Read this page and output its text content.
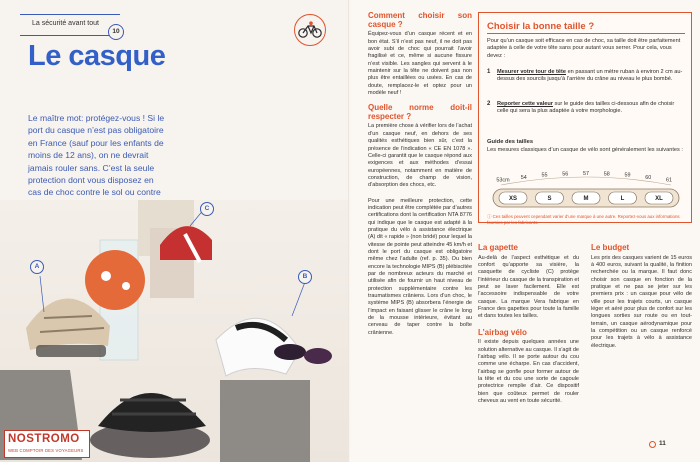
La sécurité avant tout
10
Le casque
Le maître mot: protégez-vous ! Si le port du casque n’est pas obligatoire en France (sauf pour les enfants de moins de 12 ans), on ne devrait jamais rouler sans. C’est la seule protection dont vous disposez en cas de choc contre le sol ou contre
A
B
C
NOSTROMO
WEB COMPTOIR DES VOYAGEURS
Comment choisir son casque ?
Équipez-vous d’un casque récent et en bon état. S’il n’est pas neuf, il ne doit pas avoir subi de choc qui pourrait l’avoir fragilisé et ce, même si aucune fissure n’est visible. Les sangles qui servent à le maintenir sur la tête ne doivent pas non plus être entaillées ou usées. En cas de doute, remplacez-le et optez pour un modèle neuf !
Quelle norme doit-il respecter ?
La première chose à vérifier lors de l’achat d’un casque neuf, en dehors de ses qualités esthétiques bien sûr, c’est la présence de l’indication « CE EN 1078 ». Celle-ci garantit que le casque répond aux exigences et aux méthodes d’essai européennes, notamment en matière de construction, de champ de vision, d’absorption des chocs, etc.
Pour une meilleure protection, cette indication peut être complétée par d’autres certifications dont la certification NTA 8776 qui indique que le casque est adapté à la pratique du vélo à assistance électrique (A) dit « rapide » (non bridé) pour lequel la vitesse de pointe peut atteindre 45 km/h et dont le port du casque est obligatoire même chez l’adulte (ref. p. 35). Ou bien encore la technologie MIPS (B) plébiscitée par de nombreux acteurs du marché et utilisée afin de fournir un haut niveau de protection supplémentaire contre les traumatismes crâniens. Lors d’un choc, le système MIPS (B) absorbera l’énergie de l’impact en faisant glisser le crâne le long de la mousse intérieure, évitant au cerveau de taper contre la boîte crânienne.
Choisir la bonne taille ?
Pour qu’un casque soit efficace en cas de choc, sa taille doit être parfaitement adaptée à celle de votre tête sans pour autant vous serrer. Pour cela, vous devez :
1 Mesurer votre tour de tête en passant un mètre ruban à environ 2 cm au-dessus des sourcils jusqu’à l’arrière du crâne au niveau le plus bombé.
2 Reporter cette valeur sur le guide des tailles ci-dessous afin de choisir celle qui sera la plus adaptée à votre morphologie.
Guide des tailles
Les mesures classiques d’un casque de vélo sont généralement les suivantes :
53cm 54	55	56	57	58	59	60	61
XS	S	M	L	XL
ⓘ Ces tailles peuvent cependant varier d’une marque à une autre. Reportez-vous aux informations fournies par les fabricants.
La gapette
Au-delà de l’aspect esthétique et du confort qu’apporte sa visière, la casquette de cycliste (C) protège l’intérieur du casque de la transpiration et peut se laver facilement. Elle est l’accessoire indispensable de votre casque. La marque Vera fabrique en France des gapettes pour toute la famille et dans toutes les tailles.
L’airbag vélo
Il existe depuis quelques années une solution alternative au casque. Il s’agit de l’airbag vélo. Il se porte autour du cou comme une écharpe. En cas d’accident, l’airbag se gonfle pour former autour de la tête et du cou une sorte de cagoule protectrice remplie d’air. Ce dispositif bien que coûteux permet de rouler cheveux au vent en toute sécurité.
Le budget
Les prix des casques varient de 15 euros à 400 euros, suivant la qualité, la finition recherchée ou la marque. Il faut donc choisir son casque en fonction de la pratique et ne pas se jeter sur les premiers prix : un casque pour vélo de ville pour les trajets courts, un casque léger et aéré pour plus de confort sur les longues sorties sur route ou en tout-terrain, un casque aérodynamique pour la compétition ou un casque renforcé pour les trajets à vélo à assistance électrique.
11
